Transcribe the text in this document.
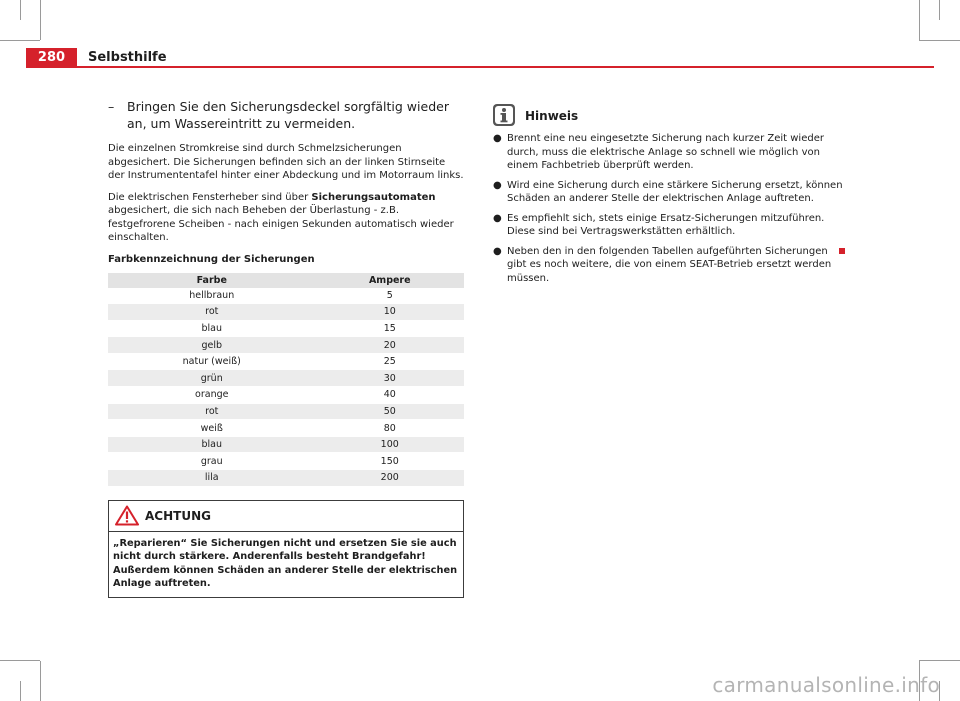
280	Selbsthilfe
– Bringen Sie den Sicherungsdeckel sorgfältig wieder an, um Wassereintritt zu vermeiden.

Die einzelnen Stromkreise sind durch Schmelzsicherungen abgesichert. Die Sicherungen befinden sich an der linken Stirnseite der Instrumententafel hinter einer Abdeckung und im Motorraum links.

Die elektrischen Fensterheber sind über Sicherungsautomaten abgesichert, die sich nach Beheben der Überlastung - z.B. festgefrorene Scheiben - nach einigen Sekunden automatisch wieder einschalten.

Farbkennzeichnung der Sicherungen
Farbe	Ampere
hellbraun	5
rot	10
blau	15
gelb	20
natur (weiß)	25
grün	30
orange	40
rot	50
weiß	80
blau	100
grau	150
lila	200
ACHTUNG
„Reparieren“ Sie Sicherungen nicht und ersetzen Sie sie auch nicht durch stärkere. Anderenfalls besteht Brandgefahr! Außerdem können Schäden an anderer Stelle der elektrischen Anlage auftreten.
Hinweis
● Brennt eine neu eingesetzte Sicherung nach kurzer Zeit wieder durch, muss die elektrische Anlage so schnell wie möglich von einem Fachbetrieb überprüft werden.
● Wird eine Sicherung durch eine stärkere Sicherung ersetzt, können Schäden an anderer Stelle der elektrischen Anlage auftreten.
● Es empfiehlt sich, stets einige Ersatz-Sicherungen mitzuführen. Diese sind bei Vertragswerkstätten erhältlich.
● Neben den in den folgenden Tabellen aufgeführten Sicherungen gibt es noch weitere, die von einem SEAT-Betrieb ersetzt werden müssen.
carmanualsonline.info
